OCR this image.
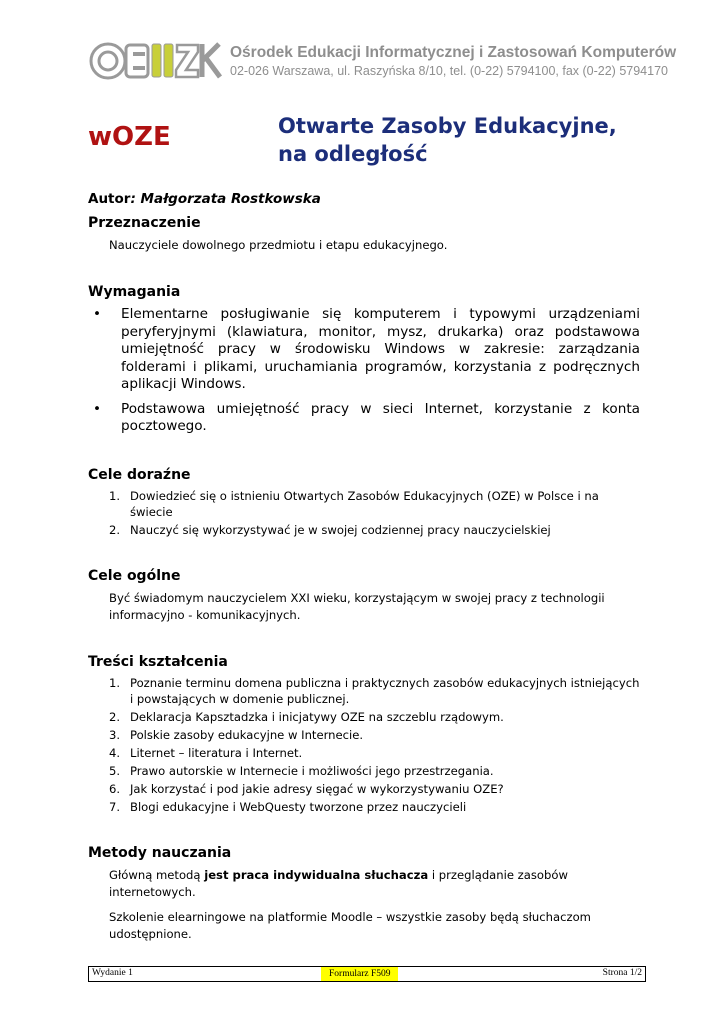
Ośrodek Edukacji Informatycznej i Zastosowań Komputerów
02-026 Warszawa, ul. Raszyńska 8/10, tel. (0-22) 5794100, fax (0-22) 5794170
wOZE	Otwarte Zasoby Edukacyjne,
na odległość
Autor: Małgorzata Rostkowska
Przeznaczenie

Nauczyciele dowolnego przedmiotu i etapu edukacyjnego.

Wymagania
• Elementarne posługiwanie się komputerem i typowymi urządzeniami peryferyjnymi (klawiatura, monitor, mysz, drukarka) oraz podstawowa umiejętność pracy w środowisku Windows w zakresie: zarządzania folderami i plikami, uruchamiania programów, korzystania z podręcznych aplikacji Windows.
• Podstawowa umiejętność pracy w sieci Internet, korzystanie z konta pocztowego.
Cele doraźne
1. Dowiedzieć się o istnieniu Otwartych Zasobów Edukacyjnych (OZE) w Polsce i na świecie
2. Nauczyć się wykorzystywać je w swojej codziennej pracy nauczycielskiej
Cele ogólne

Być świadomym nauczycielem XXI wieku, korzystającym w swojej pracy z technologii informacyjno - komunikacyjnych.

Treści kształcenia
1. Poznanie terminu domena publiczna i praktycznych zasobów edukacyjnych istniejących i powstających w domenie publicznej.
2. Deklaracja Kapsztadzka i inicjatywy OZE na szczeblu rządowym.
3. Polskie zasoby edukacyjne w Internecie.
4. Liternet – literatura i Internet.
5. Prawo autorskie w Internecie i możliwości jego przestrzegania.
6. Jak korzystać i pod jakie adresy sięgać w wykorzystywaniu OZE?
7. Blogi edukacyjne i WebQuesty tworzone przez nauczycieli
Metody nauczania

Główną metodą jest praca indywidualna słuchacza i przeglądanie zasobów internetowych.

Szkolenie elearningowe na platformie Moodle – wszystkie zasoby będą słuchaczom udostępnione.

Wydanie 1	Formularz F509	Strona 1/2
